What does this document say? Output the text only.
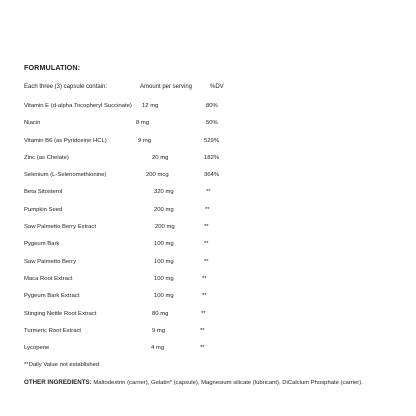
FORMULATION:

Each three (3) capsule contain:	Amount per serving	%DV
Vitamin E (d-alpha Tocopheryl Succinate) 12 mg	80%
Niacin	8 mg	50%
Vitamin B6 (as Pyridoxine HCL)	9 mg	529%
Zinc (as Chelate)	20 mg	182%
Selenium (L-Selenomethionine)	200 mcg	364%
Beta Sitosterol	320 mg	**
Pumpkin Seed	200 mg	**
Saw Palmetto Berry Extract	200 mg	**
Pygeum Bark	100 mg	**
Saw Palmetto Berry	100 mg	**
Maca Root Extract	100 mg	**
Pygeum Bark Extract	100 mg	**
Stinging Nettle Root Extract	80 mg	**
Turmeric Root Extract	9 mg	**
Lycopene	4 mg	**
**Daily Value not established
OTHER INGREDIENTS: Maltodextrin (carrier), Gelatin* (capsule), Magnesium silicate (lubricant), DiCalcium Phosphate (carrier).
